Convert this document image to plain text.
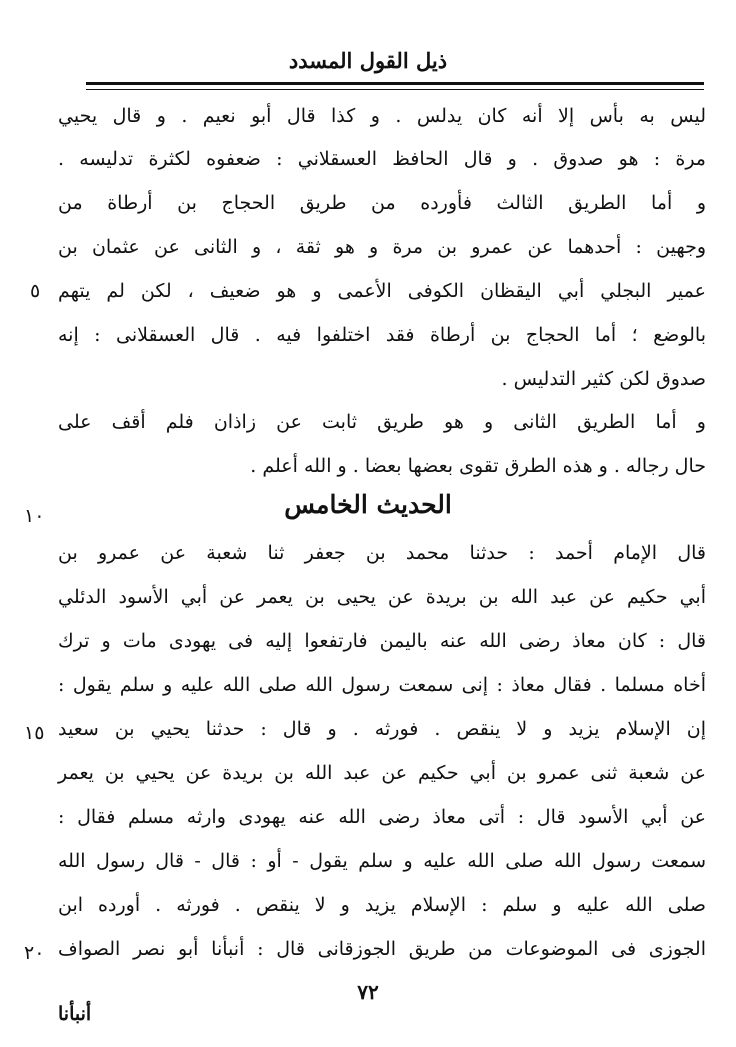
ذيل القول المسدد
ليس به بأس إلا أنه كان يدلس . و كذا قال أبو نعيم . و قال يحيي
مرة : هو صدوق . و قال الحافظ العسقلاني : ضعفوه لكثرة تدليسه .
و أما الطريق الثالث فأورده من طريق الحجاج بن أرطاة من
وجهين : أحدهما عن عمرو بن مرة و هو ثقة ، و الثانى عن عثمان بن
عمير البجلي أبي اليقظان الكوفى الأعمى و هو ضعيف ، لكن لم يتهم
بالوضع ؛ أما الحجاج بن أرطاة فقد اختلفوا فيه . قال العسقلانى : إنه
صدوق لكن كثير التدليس .
و أما الطريق الثانى و هو طريق ثابت عن زاذان فلم أقف على
حال رجاله . و هذه الطرق تقوى بعضها بعضا . و الله أعلم .
الحديث الخامس
قال الإمام أحمد : حدثنا محمد بن جعفر ثنا شعبة عن عمرو بن
أبي حكيم عن عبد الله بن بريدة عن يحيى بن يعمر عن أبي الأسود الدئلي
قال : كان معاذ رضى الله عنه باليمن فارتفعوا إليه فى يهودى مات و ترك
أخاه مسلما . فقال معاذ : إنى سمعت رسول الله صلى الله عليه و سلم يقول :
إن الإسلام يزيد و لا ينقص . فورثه . و قال : حدثنا يحيي بن سعيد
عن شعبة ثنى عمرو بن أبي حكيم عن عبد الله بن بريدة عن يحيي بن يعمر
عن أبي الأسود قال : أتى معاذ رضى الله عنه يهودى وارثه مسلم فقال :
سمعت رسول الله صلى الله عليه و سلم يقول - أو : قال - قال رسول الله
صلى الله عليه و سلم : الإسلام يزيد و لا ينقص . فورثه . أورده ابن
الجوزى فى الموضوعات من طريق الجوزقانى قال : أنبأنا أبو نصر الصواف
٥
١٠
١٥
٢٠
٧٢
أنبأنا
